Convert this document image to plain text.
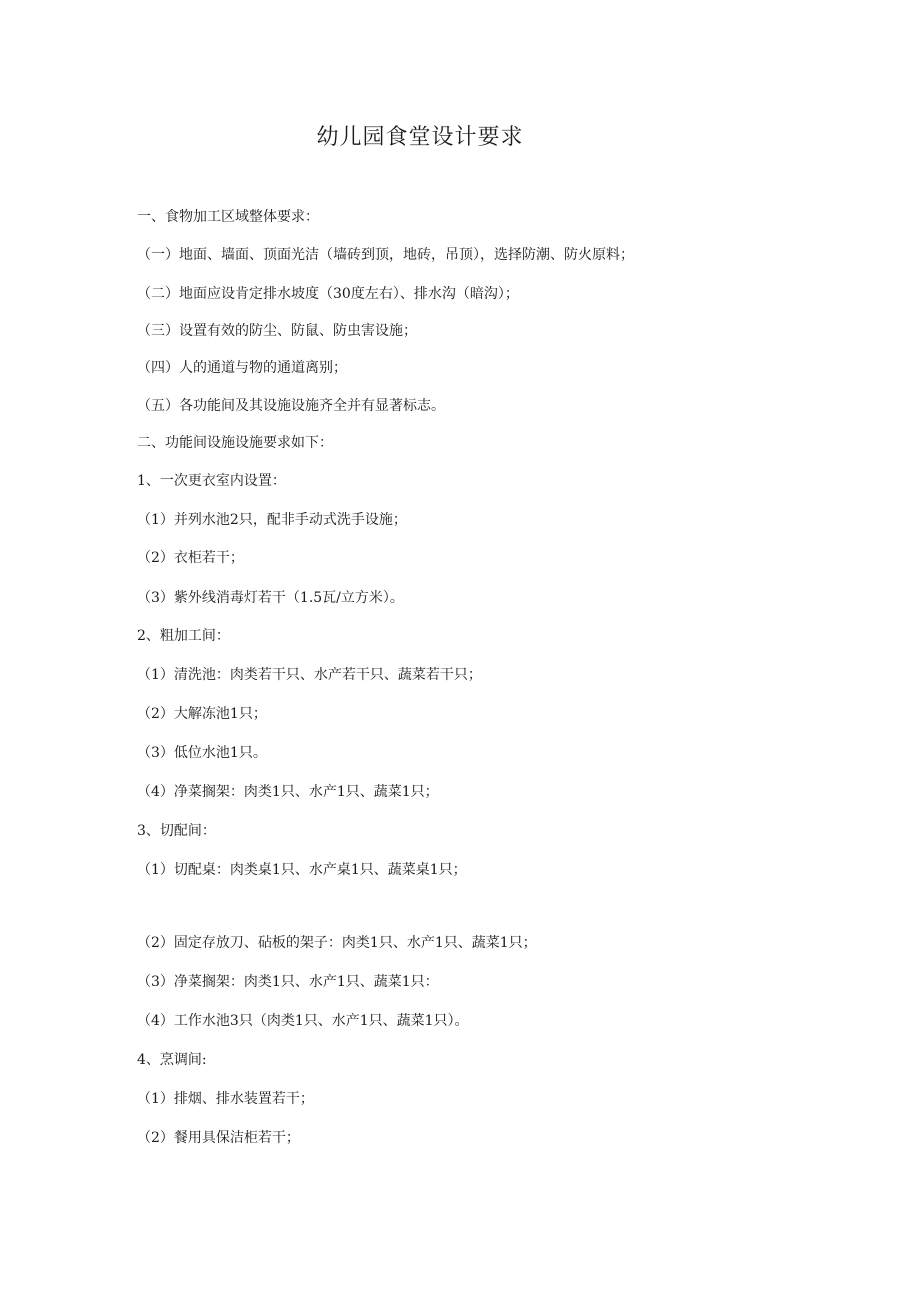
幼儿园食堂设计要求
一、食物加工区域整体要求：
（一）地面、墙面、顶面光洁（墙砖到顶，地砖，吊顶），选择防潮、防火原料；
（二）地面应设肯定排水坡度（30度左右）、排水沟（暗沟）；
（三）设置有效的防尘、防鼠、防虫害设施；
（四）人的通道与物的通道离别；
（五）各功能间及其设施设施齐全并有显著标志。
二、功能间设施设施要求如下：
1、一次更衣室内设置：
（1）并列水池2只，配非手动式洗手设施；
（2）衣柜若干；
（3）紫外线消毒灯若干（1.5瓦/立方米）。
2、粗加工间：
（1）清洗池：肉类若干只、水产若干只、蔬菜若干只；
（2）大解冻池1只；
（3）低位水池1只。
（4）净菜搁架：肉类1只、水产1只、蔬菜1只；
3、切配间：
（1）切配桌：肉类桌1只、水产桌1只、蔬菜桌1只；
（2）固定存放刀、砧板的架子：肉类1只、水产1只、蔬菜1只；
（3）净菜搁架：肉类1只、水产1只、蔬菜1只：
（4）工作水池3只（肉类1只、水产1只、蔬菜1只）。
4、烹调间:
（1）排烟、排水装置若干；
（2）餐用具保洁柜若干；
